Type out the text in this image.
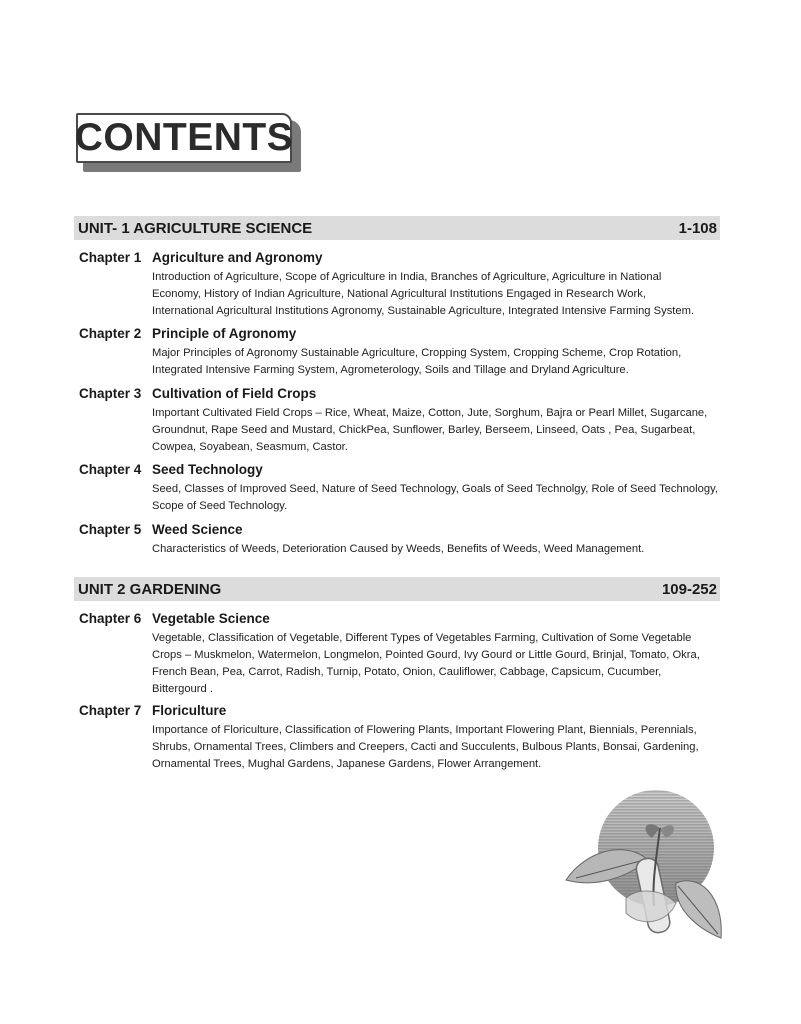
CONTENTS
UNIT- 1 AGRICULTURE SCIENCE	1-108
Chapter 1 Agriculture and Agronomy
Introduction of Agriculture, Scope of Agriculture in India, Branches of Agriculture, Agriculture in National
Economy, History of Indian Agriculture, National Agricultural Institutions Engaged in Research Work,
International Agricultural Institutions Agronomy, Sustainable Agriculture, Integrated Intensive Farming System.
Chapter 2 Principle of Agronomy
Major Principles of Agronomy Sustainable Agriculture, Cropping System, Cropping Scheme, Crop Rotation,
Integrated Intensive Farming System, Agrometerology, Soils and Tillage and Dryland Agriculture.
Chapter 3 Cultivation of Field Crops
Important Cultivated Field Crops – Rice, Wheat, Maize, Cotton, Jute, Sorghum, Bajra or Pearl Millet, Sugarcane,
Groundnut, Rape Seed and Mustard, ChickPea, Sunflower, Barley, Berseem, Linseed, Oats , Pea, Sugarbeat,
Cowpea, Soyabean, Seasmum, Castor.
Chapter 4 Seed Technology
Seed, Classes of Improved Seed, Nature of Seed Technology, Goals of Seed Technolgy, Role of Seed Technology,
Scope of Seed Technology.
Chapter 5 Weed Science
Characteristics of Weeds, Deterioration Caused by Weeds, Benefits of Weeds, Weed Management.
UNIT 2 GARDENING	109-252
Chapter 6 Vegetable Science
Vegetable, Classification of Vegetable, Different Types of Vegetables Farming, Cultivation of Some Vegetable
Crops – Muskmelon, Watermelon, Longmelon, Pointed Gourd, Ivy Gourd or Little Gourd, Brinjal, Tomato, Okra,
French Bean, Pea, Carrot, Radish, Turnip, Potato, Onion, Cauliflower, Cabbage, Capsicum, Cucumber,
Bittergourd .
Chapter 7 Floriculture
Importance of Floriculture, Classification of Flowering Plants, Important Flowering Plant, Biennials, Perennials,
Shrubs, Ornamental Trees, Climbers and Creepers, Cacti and Succulents, Bulbous Plants, Bonsai, Gardening,
Ornamental Trees, Mughal Gardens, Japanese Gardens, Flower Arrangement.
